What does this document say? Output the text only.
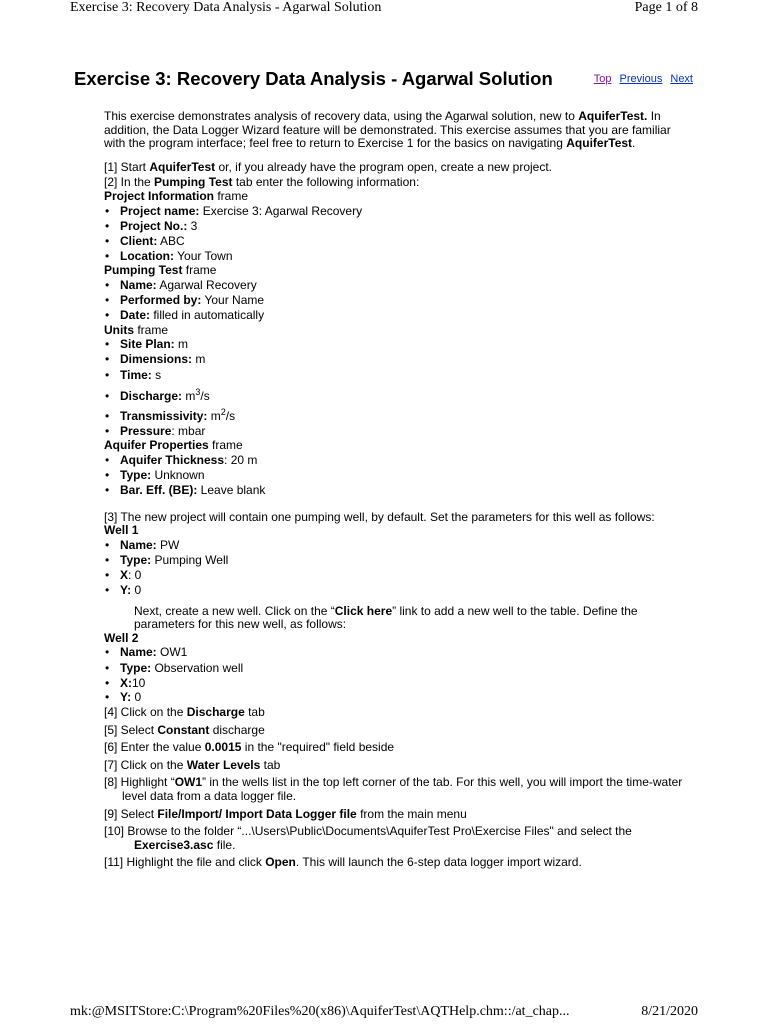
Exercise 3: Recovery Data Analysis - Agarwal Solution	Page 1 of 8
Exercise 3: Recovery Data Analysis - Agarwal Solution	Top Previous Next

This exercise demonstrates analysis of recovery data, using the Agarwal solution, new to AquiferTest. In addition, the Data Logger Wizard feature will be demonstrated. This exercise assumes that you are familiar with the program interface; feel free to return to Exercise 1 for the basics on navigating AquiferTest.

[1] Start AquiferTest or, if you already have the program open, create a new project.

[2] In the Pumping Test tab enter the following information:

Project Information frame

• Project name: Exercise 3: Agarwal Recovery
• Project No.: 3
• Client: ABC
• Location: Your Town

Pumping Test frame

• Name: Agarwal Recovery
• Performed by: Your Name
• Date: filled in automatically

Units frame

• Site Plan: m
• Dimensions: m
• Time: s
• Discharge: $m^3/s$
• Transmissivity: $m^2/s$
• Pressure: mbar

Aquifer Properties frame

• Aquifer Thickness: 20 m
• Type: Unknown
• Bar. Eff. (BE): Leave blank

[3] The new project will contain one pumping well, by default. Set the parameters for this well as follows:

Well 1

• Name: PW
• Type: Pumping Well
• X: 0
• Y: 0

Next, create a new well. Click on the “Click here” link to add a new well to the table. Define the parameters for this new well, as follows:

Well 2

• Name: OW1
• Type: Observation well
• X:10
• Y: 0

[4] Click on the Discharge tab

[5] Select Constant discharge

[6] Enter the value 0.0015 in the "required" field beside

[7] Click on the Water Levels tab

[8] Highlight “OW1” in the wells list in the top left corner of the tab. For this well, you will import the time-water level data from a data logger file.

[9] Select File/Import/ Import Data Logger file from the main menu

[10] Browse to the folder “...\Users\Public\Documents\AquiferTest Pro\Exercise Files" and select the Exercise3.asc file.

[11] Highlight the file and click Open. This will launch the 6-step data logger import wizard.

mk:@MSITStore:C:\Program%20Files%20(x86)\AquiferTest\AQTHelp.chm::/at_chap...	8/21/2020
